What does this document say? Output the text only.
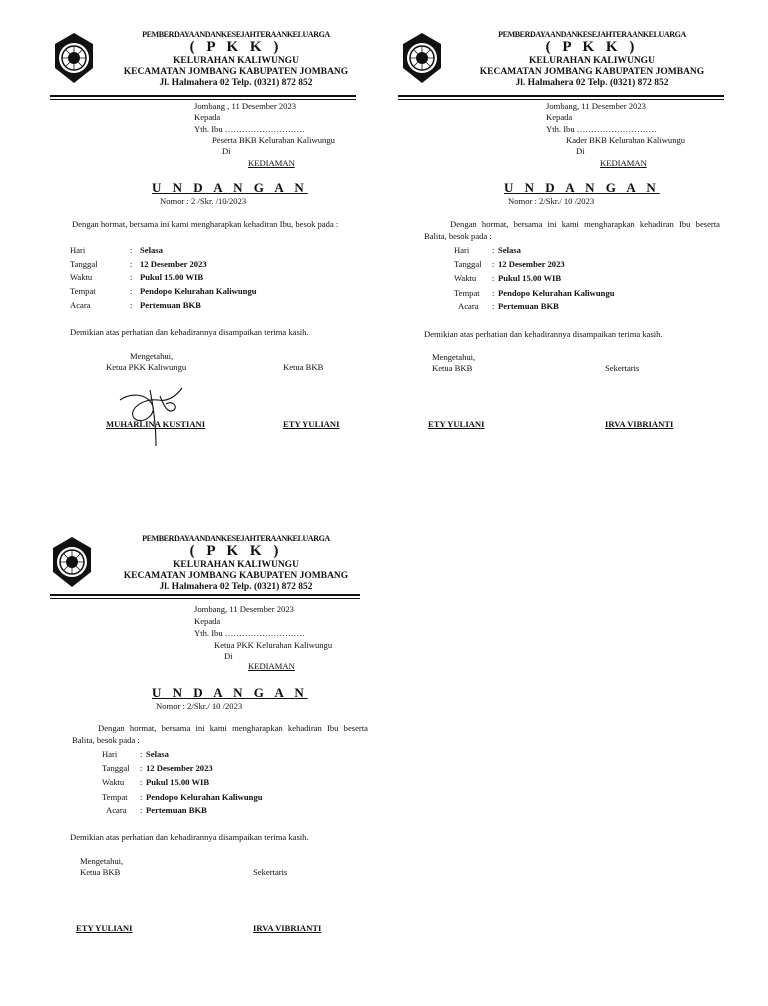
PEMBERDAYAANDANKESEJAHTERAANKELUARGA
( P K K )
KELURAHAN KALIWUNGU
KECAMATAN JOMBANG KABUPATEN JOMBANG
Jl. Halmahera 02 Telp. (0321) 872 852
Jombang , 11 Desember 2023
Kepada
Yth. Ibu ……………………….
Peserta BKB Kelurahan Kaliwungu
Di
KEDIAMAN
U N D A N G A N
Nomor : 2 /Skr. /10/2023
Dengan hormat, bersama ini kami mengharapkan kehadiran Ibu, besok pada :
Hari	: Selasa
Tanggal	: 12 Desember 2023
Waktu	: Pukul 15.00 WIB
Tempat	: Pendopo Kelurahan Kaliwungu
Acara	: Pertemuan BKB
Demikian atas perhatian dan kehadirannya disampaikan terima kasih.
Mengetahui,
Ketua PKK Kaliwungu	Ketua BKB
MUHARLINA KUSTIANI	ETY YULIANI
PEMBERDAYAANDANKESEJAHTERAANKELUARGA
( P K K )
KELURAHAN KALIWUNGU
KECAMATAN JOMBANG KABUPATEN JOMBANG
Jl. Halmahera 02 Telp. (0321) 872 852
Jombang, 11 Desember 2023
Kepada
Yth. Ibu ……………………….
Kader BKB Kelurahan Kaliwungu
Di
KEDIAMAN
U N D A N G A N
Nomor : 2/Skr./ 10 /2023
Dengan hormat, bersama ini kami mengharapkan kehadiran Ibu beserta Balita, besok pada :
Hari	: Selasa
Tanggal : 12 Desember 2023
Waktu : Pukul 15.00 WIB
Tempat : Pendopo Kelurahan Kaliwungu
Acara : Pertemuan BKB
Demikian atas perhatian dan kehadirannya disampaikan terima kasih.
Mengetahui,
Ketua BKB	Sekertaris
ETY YULIANI	IRVA VIBRIANTI
PEMBERDAYAANDANKESEJAHTERAANKELUARGA
( P K K )
KELURAHAN KALIWUNGU
KECAMATAN JOMBANG KABUPATEN JOMBANG
Jl. Halmahera 02 Telp. (0321) 872 852
Jombang, 11 Desember 2023
Kepada
Yth. Ibu ……………………….
Ketua PKK Kelurahan Kaliwungu
Di
KEDIAMAN
U N D A N G A N
Nomor : 2/Skr./ 10 /2023
Dengan hormat, bersama ini kami mengharapkan kehadiran Ibu beserta Balita, besok pada :
Hari	: Selasa
Tanggal : 12 Desember 2023
Waktu : Pukul 15.00 WIB
Tempat : Pendopo Kelurahan Kaliwungu
Acara : Pertemuan BKB
Demikian atas perhatian dan kehadirannya disampaikan terima kasih.
Mengetahui,
Ketua BKB	Sekertaris
ETY YULIANI	IRVA VIBRIANTI
